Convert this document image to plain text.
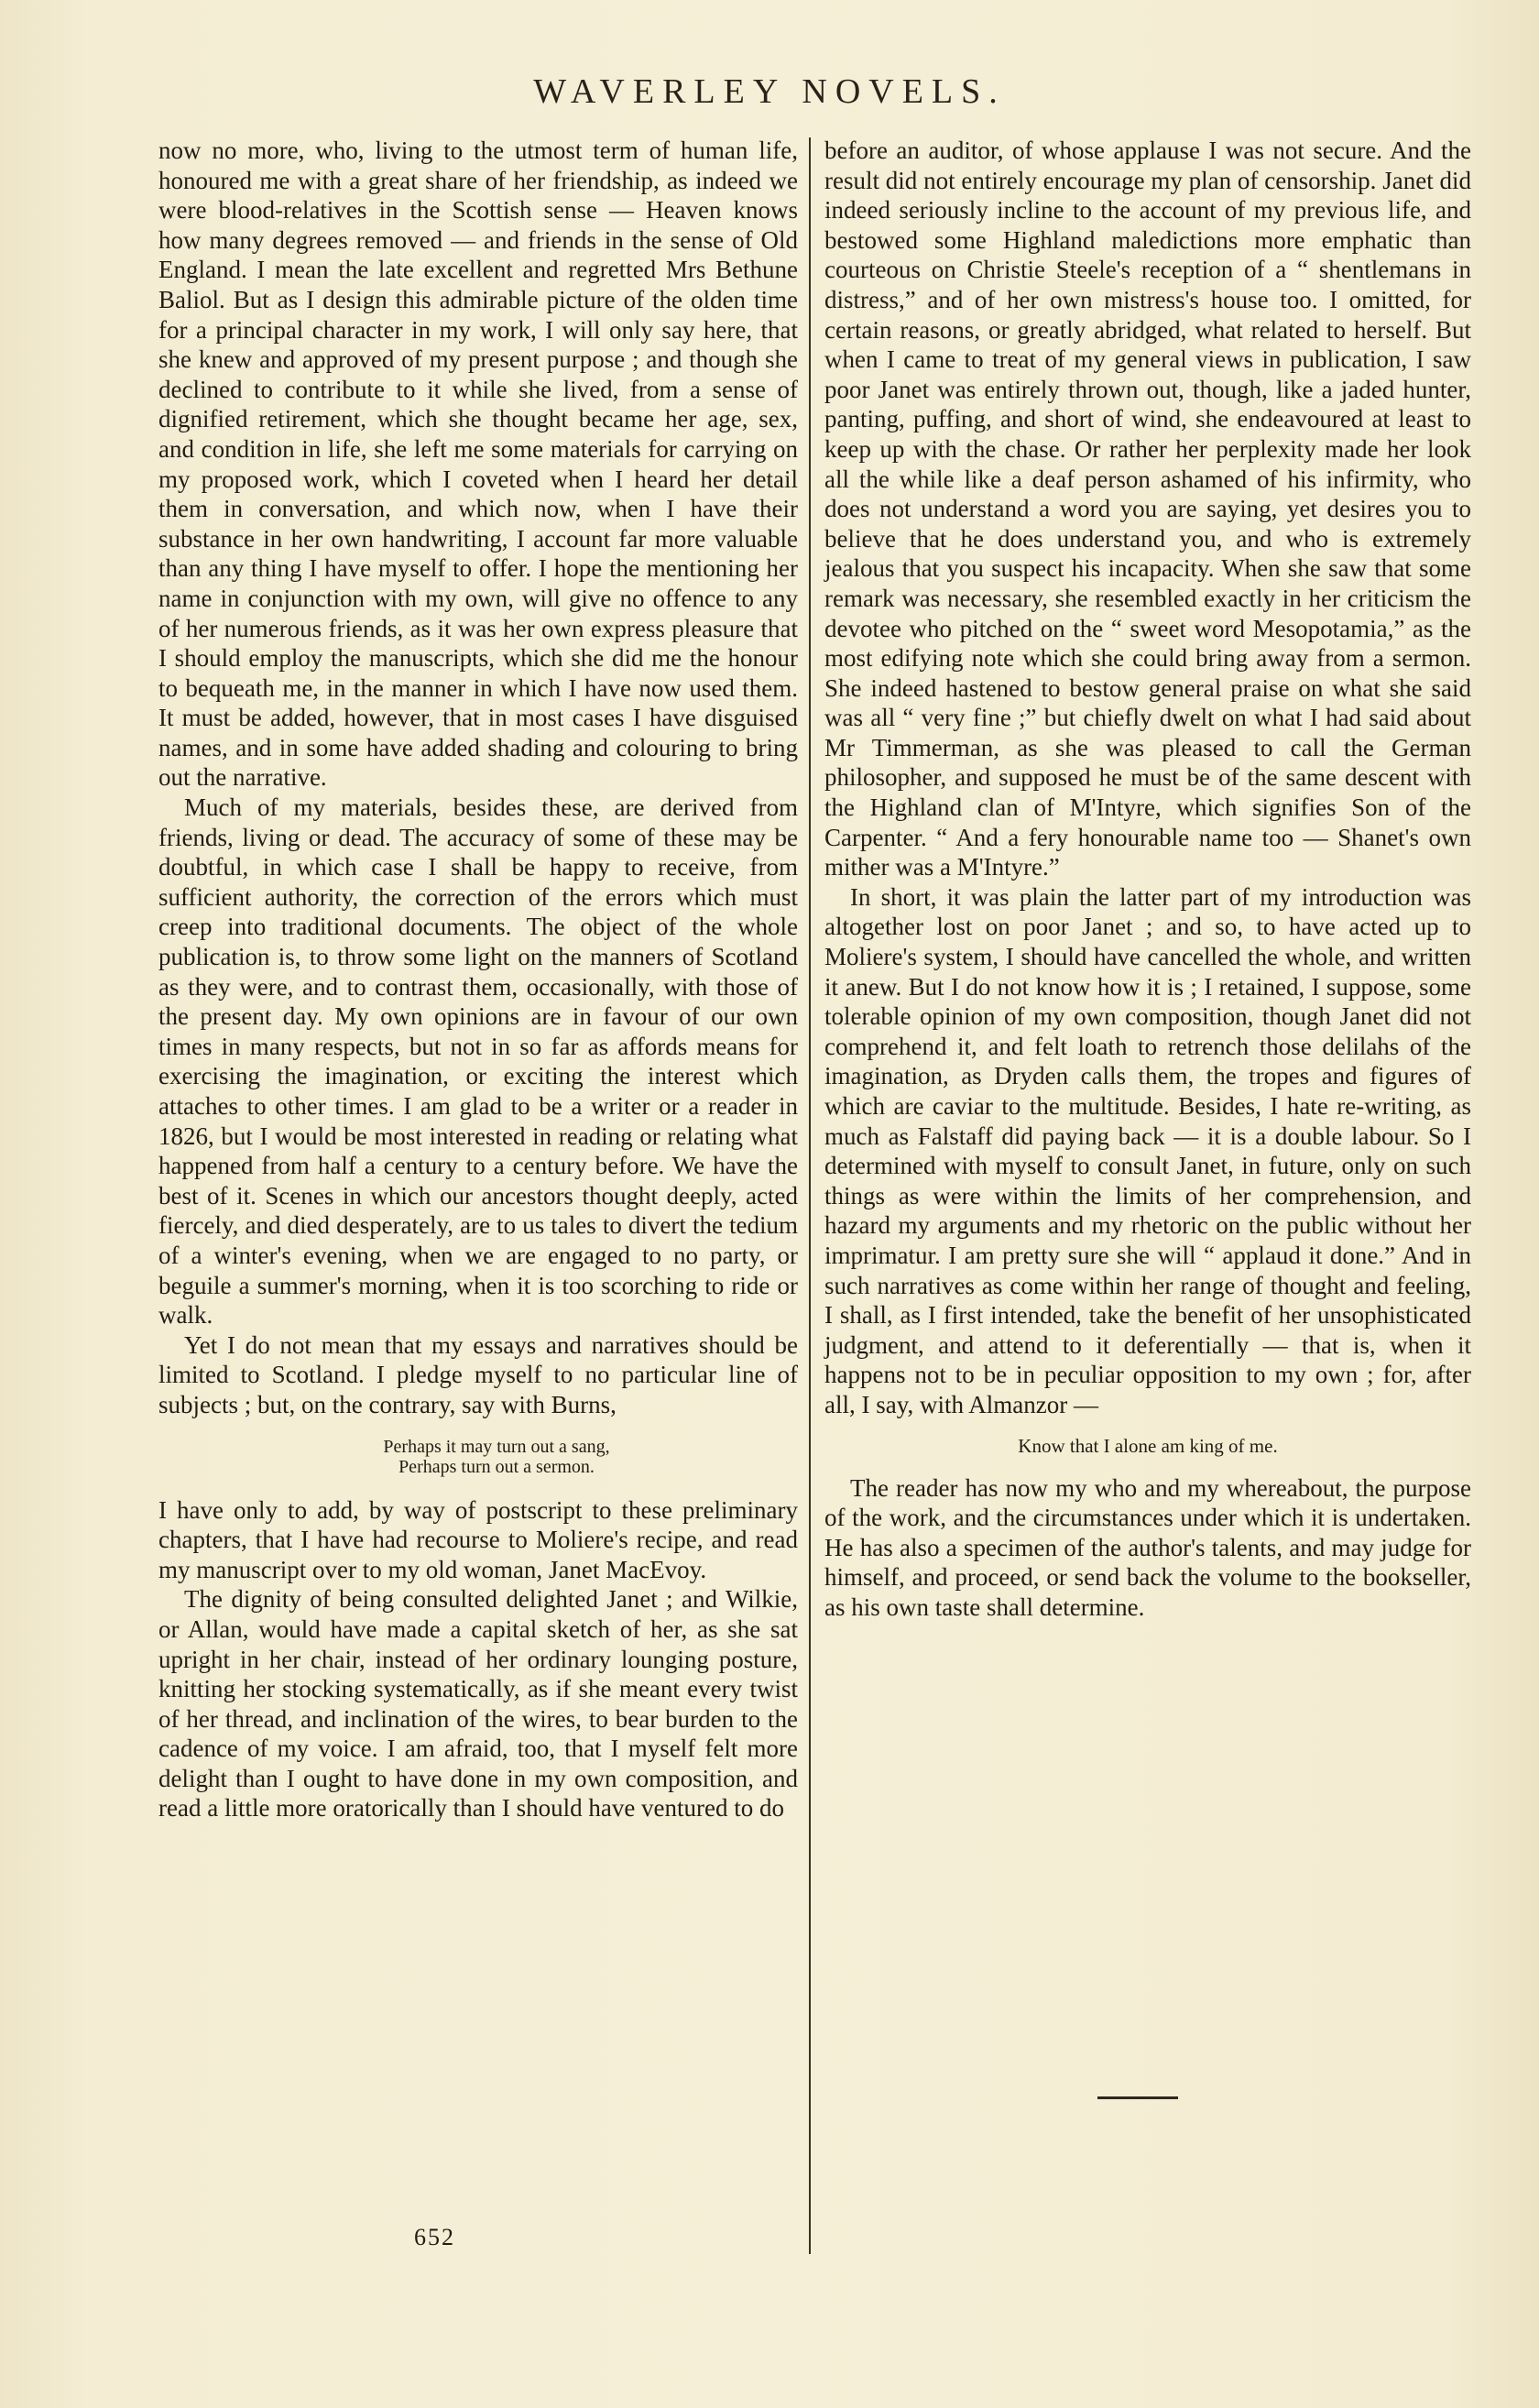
WAVERLEY NOVELS.

now no more, who, living to the utmost term of human life, honoured me with a great share of her friendship, as indeed we were blood-relatives in the Scottish sense — Heaven knows how many degrees removed — and friends in the sense of Old England. I mean the late excellent and regretted Mrs Bethune Baliol. But as I design this admirable picture of the olden time for a principal character in my work, I will only say here, that she knew and approved of my present purpose ; and though she declined to contribute to it while she lived, from a sense of dignified retirement, which she thought became her age, sex, and condition in life, she left me some materials for carrying on my proposed work, which I coveted when I heard her detail them in conversation, and which now, when I have their substance in her own handwriting, I account far more valuable than any thing I have myself to offer. I hope the mentioning her name in conjunction with my own, will give no offence to any of her numerous friends, as it was her own express pleasure that I should employ the manuscripts, which she did me the honour to bequeath me, in the manner in which I have now used them. It must be added, however, that in most cases I have disguised names, and in some have added shading and colouring to bring out the narrative.

Much of my materials, besides these, are derived from friends, living or dead. The accuracy of some of these may be doubtful, in which case I shall be happy to receive, from sufficient authority, the correction of the errors which must creep into traditional documents. The object of the whole publication is, to throw some light on the manners of Scotland as they were, and to contrast them, occasionally, with those of the present day. My own opinions are in favour of our own times in many respects, but not in so far as affords means for exercising the imagination, or exciting the interest which attaches to other times. I am glad to be a writer or a reader in 1826, but I would be most interested in reading or relating what happened from half a century to a century before. We have the best of it. Scenes in which our ancestors thought deeply, acted fiercely, and died desperately, are to us tales to divert the tedium of a winter's evening, when we are engaged to no party, or beguile a summer's morning, when it is too scorching to ride or walk.

Yet I do not mean that my essays and narratives should be limited to Scotland. I pledge myself to no particular line of subjects ; but, on the contrary, say with Burns,

Perhaps it may turn out a sang,
Perhaps turn out a sermon.

I have only to add, by way of postscript to these preliminary chapters, that I have had recourse to Moliere's recipe, and read my manuscript over to my old woman, Janet MacEvoy.

The dignity of being consulted delighted Janet ; and Wilkie, or Allan, would have made a capital sketch of her, as she sat upright in her chair, instead of her ordinary lounging posture, knitting her stocking systematically, as if she meant every twist of her thread, and inclination of the wires, to bear burden to the cadence of my voice. I am afraid, too, that I myself felt more delight than I ought to have done in my own composition, and read a little more oratorically than I should have ventured to do

before an auditor, of whose applause I was not secure. And the result did not entirely encourage my plan of censorship. Janet did indeed seriously incline to the account of my previous life, and bestowed some Highland maledictions more emphatic than courteous on Christie Steele's reception of a “ shentlemans in distress,” and of her own mistress's house too. I omitted, for certain reasons, or greatly abridged, what related to herself. But when I came to treat of my general views in publication, I saw poor Janet was entirely thrown out, though, like a jaded hunter, panting, puffing, and short of wind, she endeavoured at least to keep up with the chase. Or rather her perplexity made her look all the while like a deaf person ashamed of his infirmity, who does not understand a word you are saying, yet desires you to believe that he does understand you, and who is extremely jealous that you suspect his incapacity. When she saw that some remark was necessary, she resembled exactly in her criticism the devotee who pitched on the “ sweet word Mesopotamia,” as the most edifying note which she could bring away from a sermon. She indeed hastened to bestow general praise on what she said was all “ very fine ;” but chiefly dwelt on what I had said about Mr Timmerman, as she was pleased to call the German philosopher, and supposed he must be of the same descent with the Highland clan of M'Intyre, which signifies Son of the Carpenter. “ And a fery honourable name too — Shanet's own mither was a M'Intyre.”

In short, it was plain the latter part of my introduction was altogether lost on poor Janet ; and so, to have acted up to Moliere's system, I should have cancelled the whole, and written it anew. But I do not know how it is ; I retained, I suppose, some tolerable opinion of my own composition, though Janet did not comprehend it, and felt loath to retrench those delilahs of the imagination, as Dryden calls them, the tropes and figures of which are caviar to the multitude. Besides, I hate re-writing, as much as Falstaff did paying back — it is a double labour. So I determined with myself to consult Janet, in future, only on such things as were within the limits of her comprehension, and hazard my arguments and my rhetoric on the public without her imprimatur. I am pretty sure she will “ applaud it done.” And in such narratives as come within her range of thought and feeling, I shall, as I first intended, take the benefit of her unsophisticated judgment, and attend to it deferentially — that is, when it happens not to be in peculiar opposition to my own ; for, after all, I say, with Almanzor —

Know that I alone am king of me.

The reader has now my who and my whereabout, the purpose of the work, and the circumstances under which it is undertaken. He has also a specimen of the author's talents, and may judge for himself, and proceed, or send back the volume to the bookseller, as his own taste shall determine.

652
